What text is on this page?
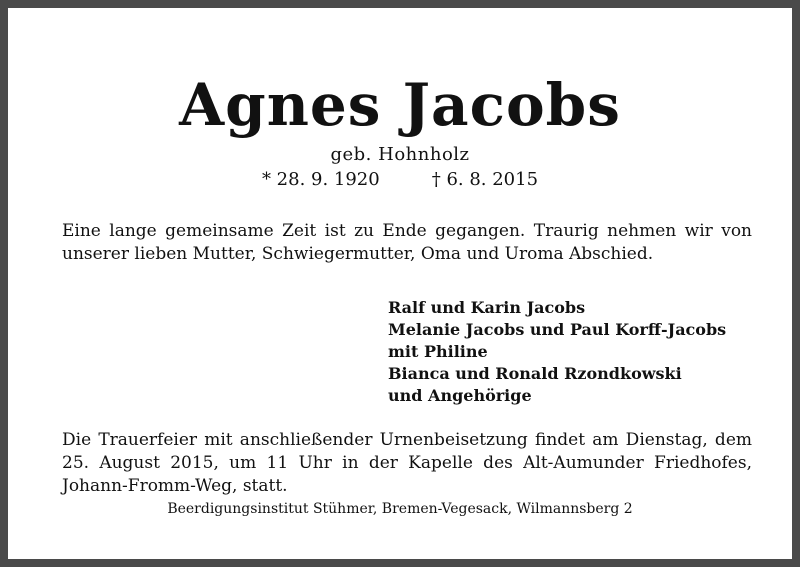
Agnes Jacobs
geb. Hohnholz
* 28. 9. 1920	† 6. 8. 2015
Eine lange gemeinsame Zeit ist zu Ende gegangen. Traurig nehmen wir von unserer lieben Mutter, Schwiegermutter, Oma und Uroma Abschied.
Ralf und Karin Jacobs
Melanie Jacobs und Paul Korff-Jacobs
mit Philine
Bianca und Ronald Rzondkowski
und Angehörige
Die Trauerfeier mit anschließender Urnenbeisetzung findet am Dienstag, dem 25. August 2015, um 11 Uhr in der Kapelle des Alt-Aumunder Friedhofes, Johann-Fromm-Weg, statt.
Beerdigungsinstitut Stühmer, Bremen-Vegesack, Wilmannsberg 2
